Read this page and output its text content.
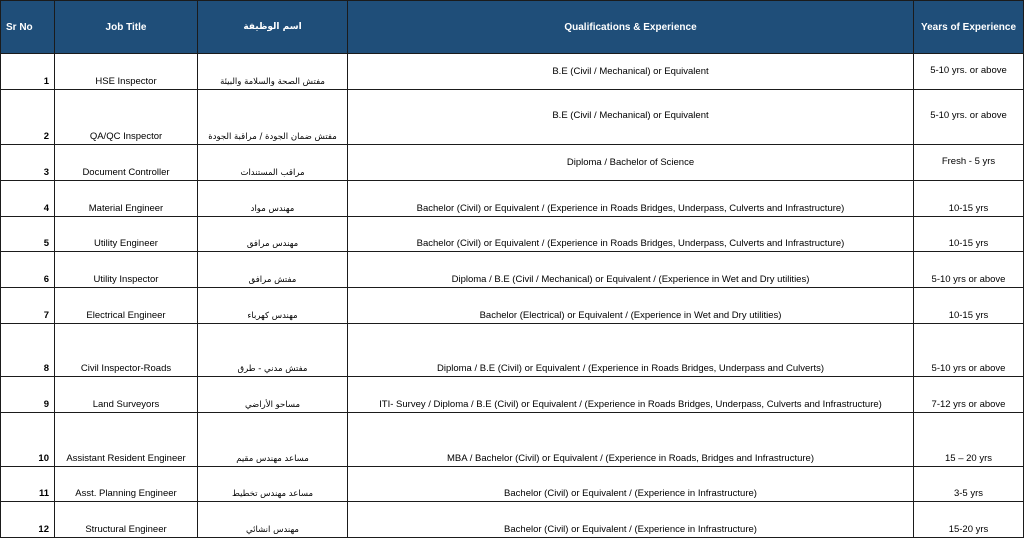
Sr No	Job Title	اسم الوظيفة	Qualifications & Experience	Years of Experience
1	HSE Inspector	مفتش الصحة والسلامة والبيئة	B.E (Civil / Mechanical) or Equivalent	5-10 yrs. or above
2	QA/QC Inspector	مفتش ضمان الجودة / مراقبة الجودة	B.E (Civil / Mechanical) or Equivalent	5-10 yrs. or above
3	Document Controller	مراقب المستندات	Diploma / Bachelor of Science	Fresh - 5 yrs
4	Material Engineer	مهندس مواد	Bachelor (Civil) or Equivalent / (Experience in Roads Bridges, Underpass, Culverts and Infrastructure)	10-15 yrs
5	Utility Engineer	مهندس مرافق	Bachelor (Civil) or Equivalent / (Experience in Roads Bridges, Underpass, Culverts and Infrastructure)	10-15 yrs
6	Utility Inspector	مفتش مرافق	Diploma / B.E (Civil / Mechanical) or Equivalent / (Experience in Wet and Dry utilities)	5-10 yrs or above
7	Electrical Engineer	مهندس كهرباء	Bachelor (Electrical) or Equivalent / (Experience in Wet and Dry utilities)	10-15 yrs
8	Civil Inspector-Roads	مفتش مدني - طرق	Diploma / B.E (Civil) or Equivalent / (Experience in Roads Bridges, Underpass and Culverts)	5-10 yrs or above
9	Land Surveyors	مساحو الأراضي	ITI- Survey / Diploma / B.E (Civil) or Equivalent / (Experience in Roads Bridges, Underpass, Culverts and Infrastructure)	7-12 yrs or above
10	Assistant Resident Engineer	مساعد مهندس مقيم	MBA / Bachelor (Civil) or Equivalent / (Experience in Roads, Bridges and Infrastructure)	15 – 20 yrs
11	Asst. Planning Engineer	مساعد مهندس تخطيط	Bachelor (Civil) or Equivalent / (Experience in Infrastructure)	3-5 yrs
12	Structural Engineer	مهندس انشائي	Bachelor (Civil) or Equivalent / (Experience in Infrastructure)	15-20 yrs
